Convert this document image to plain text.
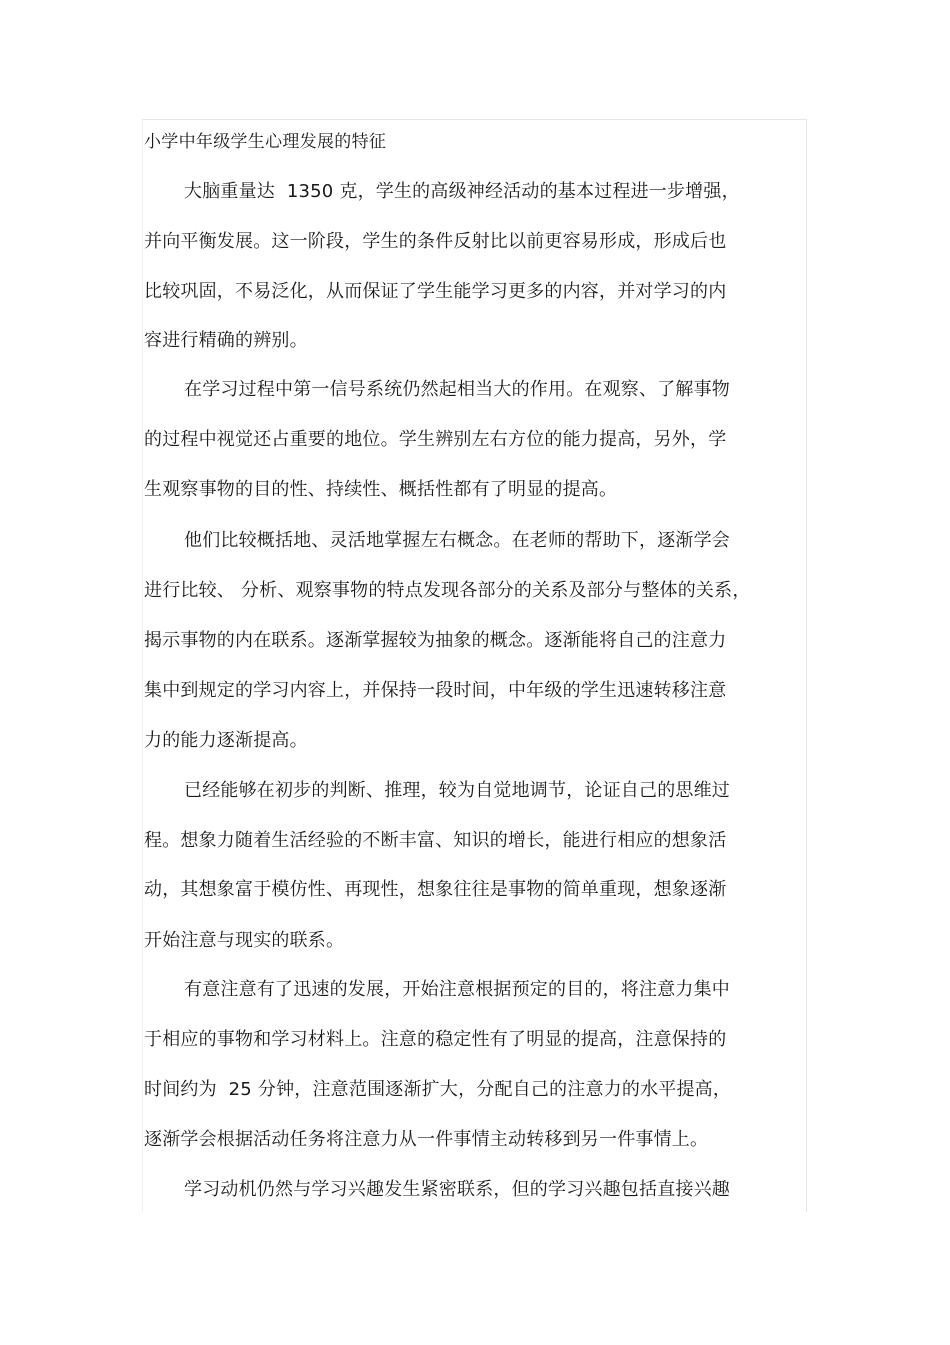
小学中年级学生心理发展的特征
大脑重量达  1350 克，学生的高级神经活动的基本过程进一步增强，
并向平衡发展。这一阶段，学生的条件反射比以前更容易形成，形成后也
比较巩固，不易泛化，从而保证了学生能学习更多的内容，并对学习的内
容进行精确的辨别。
在学习过程中第一信号系统仍然起相当大的作用。在观察、了解事物
的过程中视觉还占重要的地位。学生辨别左右方位的能力提高，另外，学
生观察事物的目的性、持续性、概括性都有了明显的提高。
他们比较概括地、灵活地掌握左右概念。在老师的帮助下，逐渐学会
进行比较、 分析、观察事物的特点发现各部分的关系及部分与整体的关系，
揭示事物的内在联系。逐渐掌握较为抽象的概念。逐渐能将自己的注意力
集中到规定的学习内容上，并保持一段时间，中年级的学生迅速转移注意
力的能力逐渐提高。
已经能够在初步的判断、推理，较为自觉地调节，论证自己的思维过
程。想象力随着生活经验的不断丰富、知识的增长，能进行相应的想象活
动，其想象富于模仿性、再现性，想象往往是事物的简单重现，想象逐渐
开始注意与现实的联系。
有意注意有了迅速的发展，开始注意根据预定的目的，将注意力集中
于相应的事物和学习材料上。注意的稳定性有了明显的提高，注意保持的
时间约为  25 分钟，注意范围逐渐扩大，分配自己的注意力的水平提高，
逐渐学会根据活动任务将注意力从一件事情主动转移到另一件事情上。
学习动机仍然与学习兴趣发生紧密联系，但的学习兴趣包括直接兴趣
